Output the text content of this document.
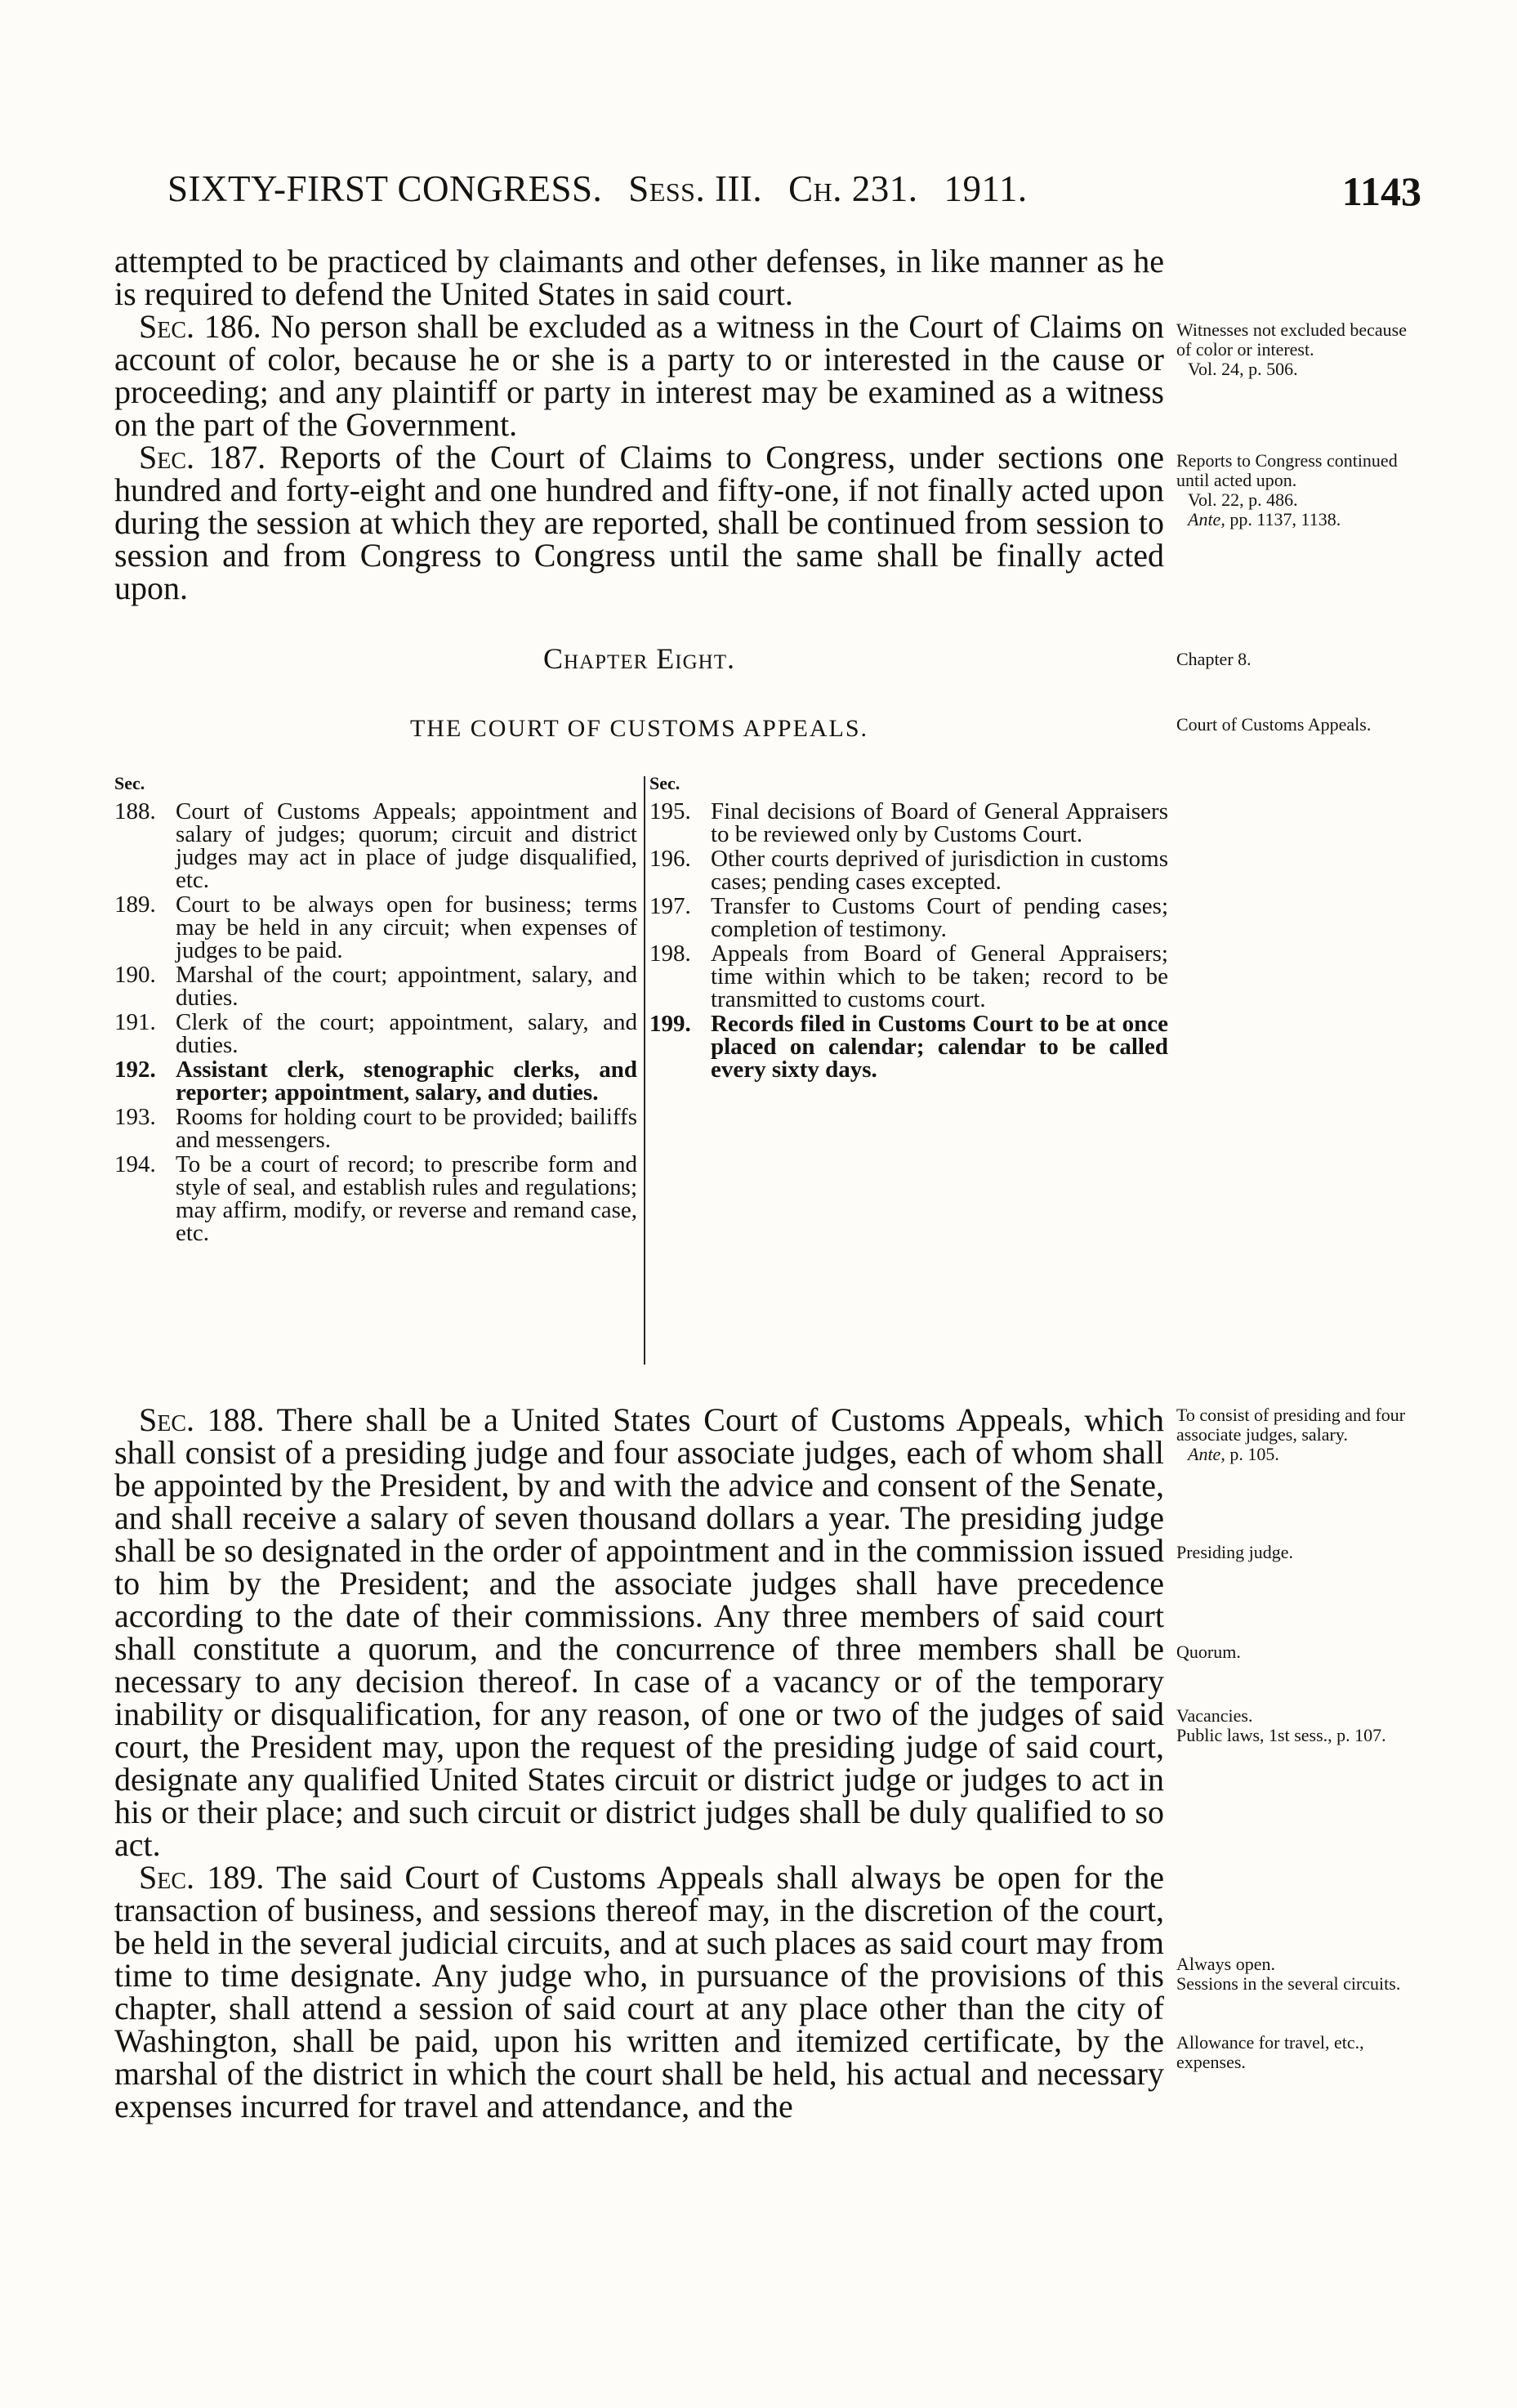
SIXTY-FIRST CONGRESS. Sess. III. Ch. 231. 1911.	1143

attempted to be practiced by claimants and other defenses, in like manner as he is required to defend the United States in said court.

Sec. 186. No person shall be excluded as a witness in the Court of Claims on account of color, because he or she is a party to or interested in the cause or proceeding; and any plaintiff or party in interest may be examined as a witness on the part of the Government.

Sec. 187. Reports of the Court of Claims to Congress, under sections one hundred and forty-eight and one hundred and fifty-one, if not finally acted upon during the session at which they are reported, shall be continued from session to session and from Congress to Congress until the same shall be finally acted upon.

Witnesses not excluded because of color or interest.
Vol. 24, p. 506.
Reports to Congress continued until acted upon.
Vol. 22, p. 486.
Ante, pp. 1137, 1138.
Chapter 8.
Court of Customs Appeals.
To consist of presiding and four associate judges, salary.
Ante, p. 105.
Presiding judge.
Quorum.
Vacancies.
Public laws, 1st sess., p. 107.
Always open.
Sessions in the several circuits.
Allowance for travel, etc., expenses.
Chapter Eight.
THE COURT OF CUSTOMS APPEALS.
Sec.
188. Court of Customs Appeals; appointment and salary of judges; quorum; circuit and district judges may act in place of judge disqualified, etc.
189. Court to be always open for business; terms may be held in any circuit; when expenses of judges to be paid.
190. Marshal of the court; appointment, salary, and duties.
191. Clerk of the court; appointment, salary, and duties.
192. Assistant clerk, stenographic clerks, and reporter; appointment, salary, and duties.
193. Rooms for holding court to be provided; bailiffs and messengers.
194. To be a court of record; to prescribe form and style of seal, and establish rules and regulations; may affirm, modify, or reverse and remand case, etc.
Sec.
195. Final decisions of Board of General Appraisers to be reviewed only by Customs Court.
196. Other courts deprived of jurisdiction in customs cases; pending cases excepted.
197. Transfer to Customs Court of pending cases; completion of testimony.
198. Appeals from Board of General Appraisers; time within which to be taken; record to be transmitted to customs court.
199. Records filed in Customs Court to be at once placed on calendar; calendar to be called every sixty days.

Sec. 188. There shall be a United States Court of Customs Appeals, which shall consist of a presiding judge and four associate judges, each of whom shall be appointed by the President, by and with the advice and consent of the Senate, and shall receive a salary of seven thousand dollars a year. The presiding judge shall be so designated in the order of appointment and in the commission issued to him by the President; and the associate judges shall have precedence according to the date of their commissions. Any three members of said court shall constitute a quorum, and the concurrence of three members shall be necessary to any decision thereof. In case of a vacancy or of the temporary inability or disqualification, for any reason, of one or two of the judges of said court, the President may, upon the request of the presiding judge of said court, designate any qualified United States circuit or district judge or judges to act in his or their place; and such circuit or district judges shall be duly qualified to so act.

Sec. 189. The said Court of Customs Appeals shall always be open for the transaction of business, and sessions thereof may, in the discretion of the court, be held in the several judicial circuits, and at such places as said court may from time to time designate. Any judge who, in pursuance of the provisions of this chapter, shall attend a session of said court at any place other than the city of Washington, shall be paid, upon his written and itemized certificate, by the marshal of the district in which the court shall be held, his actual and necessary expenses incurred for travel and attendance, and the
